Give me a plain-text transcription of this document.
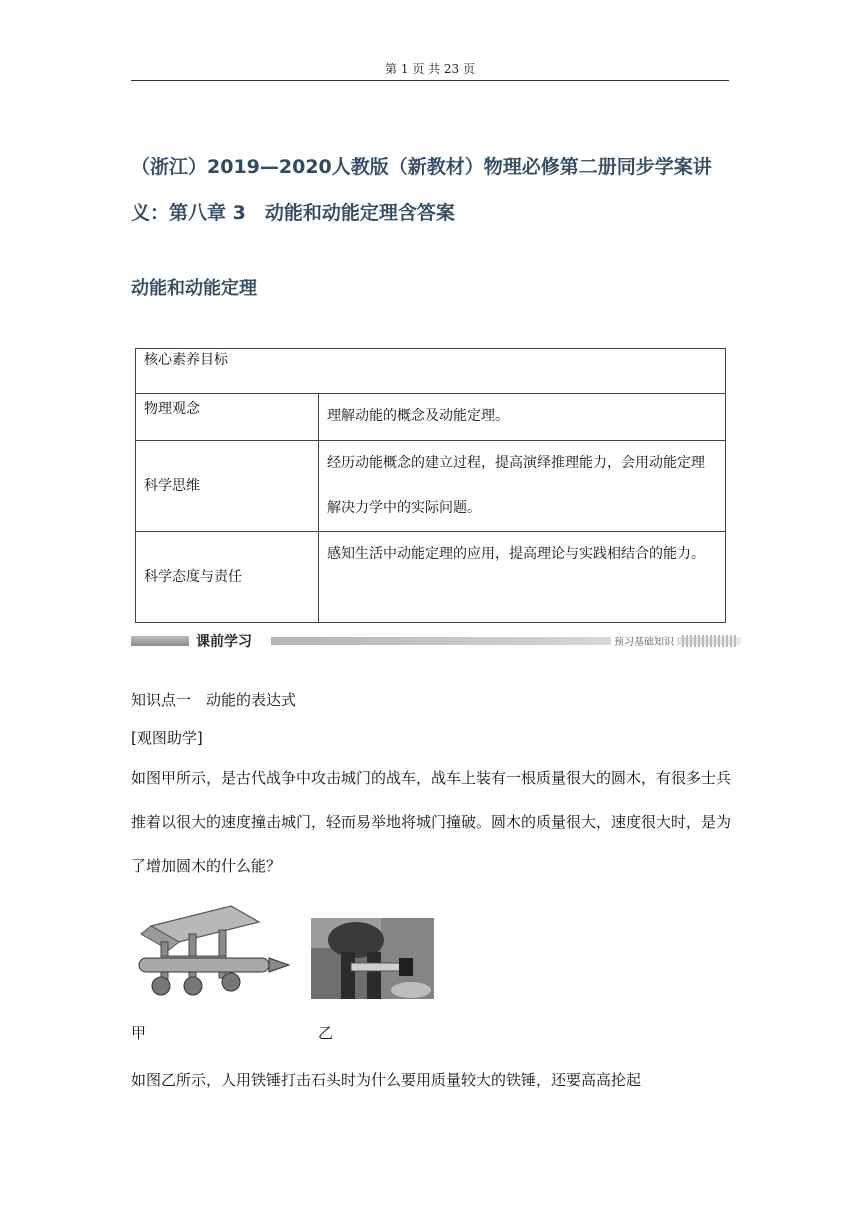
第 1 页 共 23 页
（浙江）2019—2020人教版（新教材）物理必修第二册同步学案讲义：第八章 3　动能和动能定理含答案
动能和动能定理
核心素养目标	
物理观念	理解动能的概念及动能定理。
科学思维	经历动能概念的建立过程，提高演绎推理能力，会用动能定理解决力学中的实际问题。
科学态度与责任	感知生活中动能定理的应用，提高理论与实践相结合的能力。
课前学习	预习基础知识
知识点一　动能的表达式
[观图助学]
如图甲所示，是古代战争中攻击城门的战车，战车上装有一根质量很大的圆木，有很多士兵推着以很大的速度撞击城门，轻而易举地将城门撞破。圆木的质量很大，速度很大时，是为了增加圆木的什么能？
甲	乙
如图乙所示，人用铁锤打击石头时为什么要用质量较大的铁锤，还要高高抡起
